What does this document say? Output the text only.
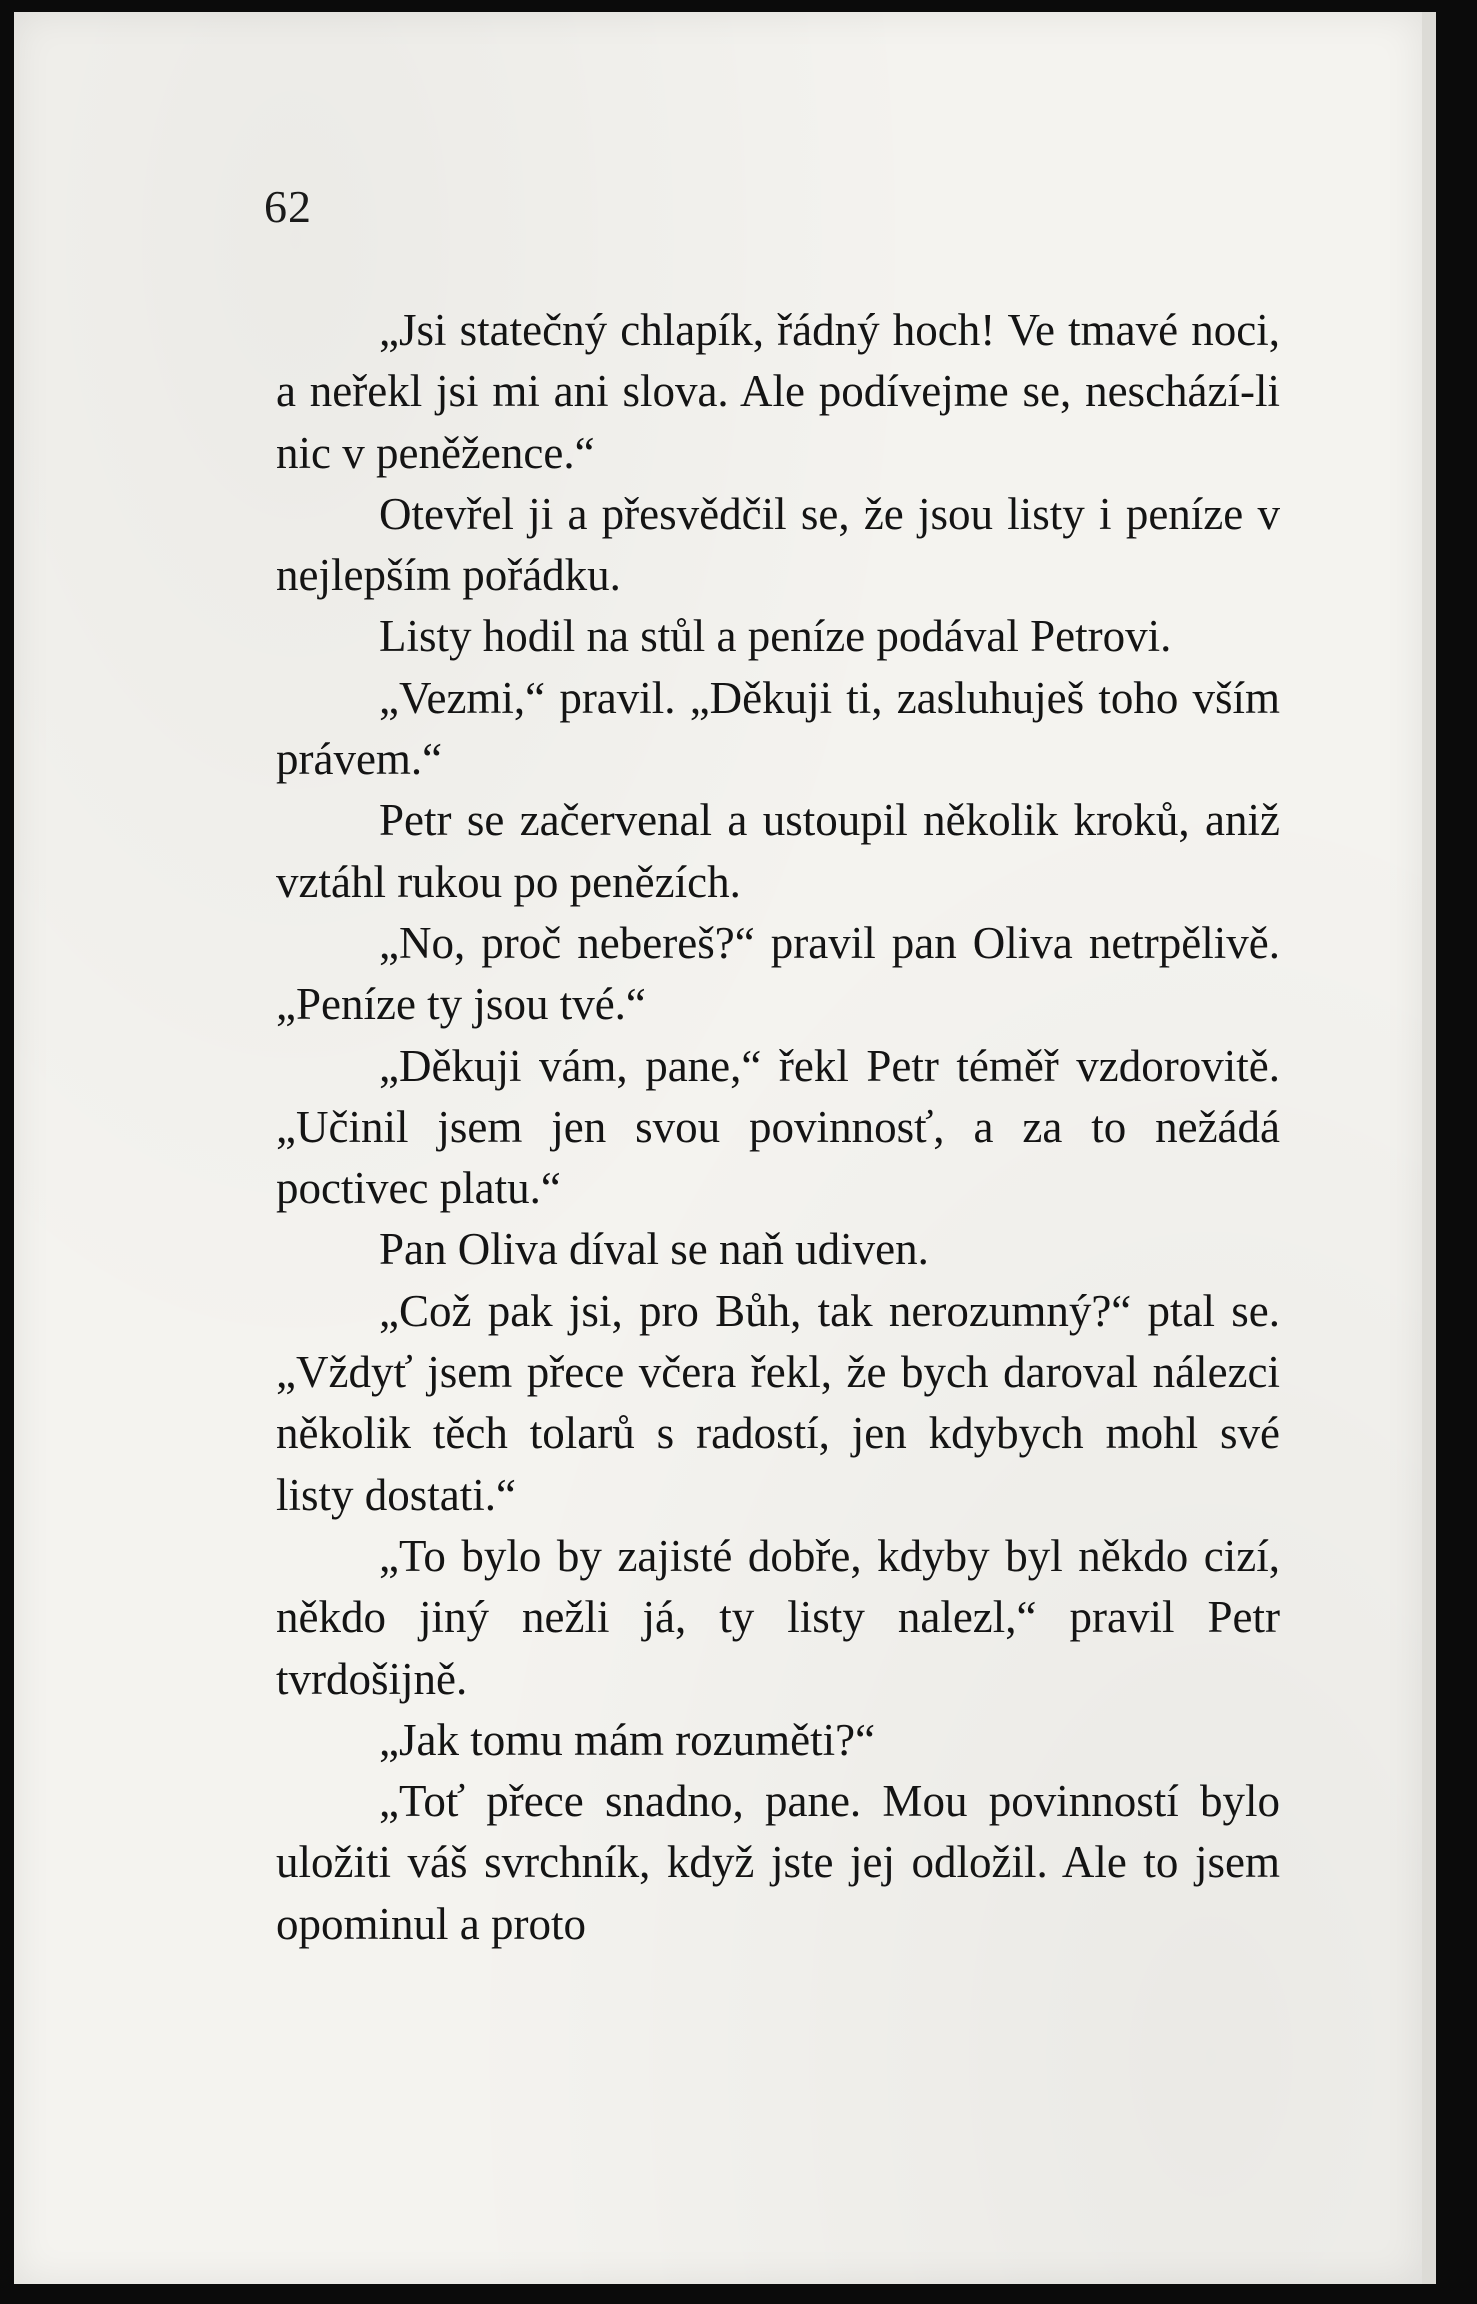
62

„Jsi statečný chlapík, řádný hoch! Ve tmavé noci, a neřekl jsi mi ani slova. Ale podívejme se, neschází-li nic v peněžence.“

Otevřel ji a přesvědčil se, že jsou listy i peníze v nejlepším pořádku.

Listy hodil na stůl a peníze podával Petrovi.

„Vezmi,“ pravil. „Děkuji ti, zasluhuješ toho vším právem.“

Petr se začervenal a ustoupil několik kroků, aniž vztáhl rukou po penězích.

„No, proč nebereš?“ pravil pan Oliva netrpělivě. „Peníze ty jsou tvé.“

„Děkuji vám, pane,“ řekl Petr téměř vzdorovitě. „Učinil jsem jen svou povinnosť, a za to nežádá poctivec platu.“

Pan Oliva díval se naň udiven.

„Což pak jsi, pro Bůh, tak nerozumný?“ ptal se. „Vždyť jsem přece včera řekl, že bych daroval nálezci několik těch tolarů s radostí, jen kdybych mohl své listy dostati.“

„To bylo by zajisté dobře, kdyby byl někdo cizí, někdo jiný nežli já, ty listy nalezl,“ pravil Petr tvrdošijně.

„Jak tomu mám rozuměti?“

„Toť přece snadno, pane. Mou povinností bylo uložiti váš svrchník, když jste jej odložil. Ale to jsem opominul a proto
